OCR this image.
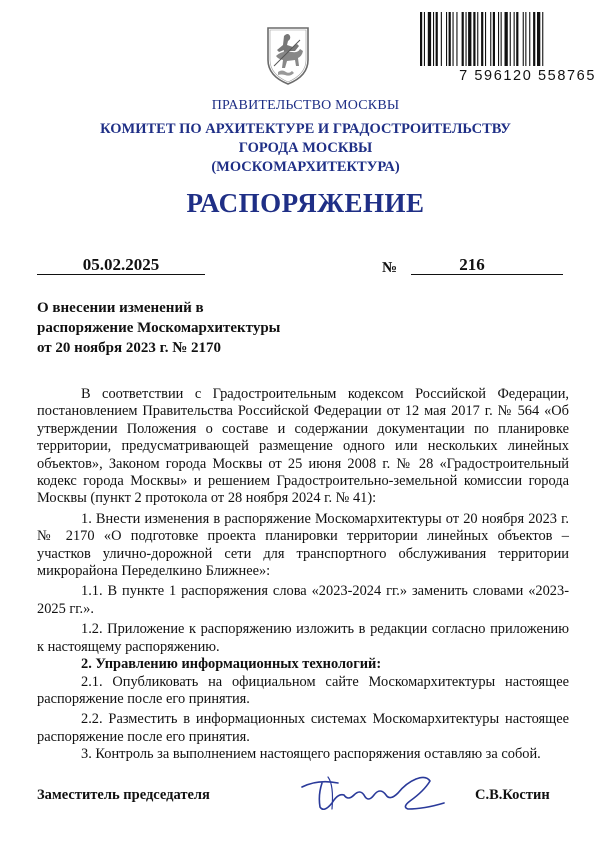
7 596120 558765
ПРАВИТЕЛЬСТВО МОСКВЫ
КОМИТЕТ ПО АРХИТЕКТУРЕ И ГРАДОСТРОИТЕЛЬСТВУ
ГОРОДА МОСКВЫ
(МОСКОМАРХИТЕКТУРА)
РАСПОРЯЖЕНИЕ
05.02.2025	№	216
О внесении изменений в
распоряжение Москомархитектуры
от 20 ноября 2023 г. № 2170

В соответствии с Градостроительным кодексом Российской Федерации, постановлением Правительства Российской Федерации от 12 мая 2017 г. № 564 «Об утверждении Положения о составе и содержании документации по планировке территории, предусматривающей размещение одного или нескольких линейных объектов», Законом города Москвы от 25 июня 2008 г. № 28 «Градостроительный кодекс города Москвы» и решением Градостроительно-земельной комиссии города Москвы (пункт 2 протокола от 28 ноября 2024 г. № 41):

1. Внести изменения в распоряжение Москомархитектуры от 20 ноября 2023 г. № 2170 «О подготовке проекта планировки территории линейных объектов – участков улично-дорожной сети для транспортного обслуживания территории микрорайона Переделкино Ближнее»:

1.1. В пункте 1 распоряжения слова «2023-2024 гг.» заменить словами «2023-2025 гг.».

1.2. Приложение к распоряжению изложить в редакции согласно приложению к настоящему распоряжению.

2. Управлению информационных технологий:

2.1. Опубликовать на официальном сайте Москомархитектуры настоящее распоряжение после его принятия.

2.2. Разместить в информационных системах Москомархитектуры настоящее распоряжение после его принятия.

3. Контроль за выполнением настоящего распоряжения оставляю за собой.

Заместитель председателя	С.В.Костин
